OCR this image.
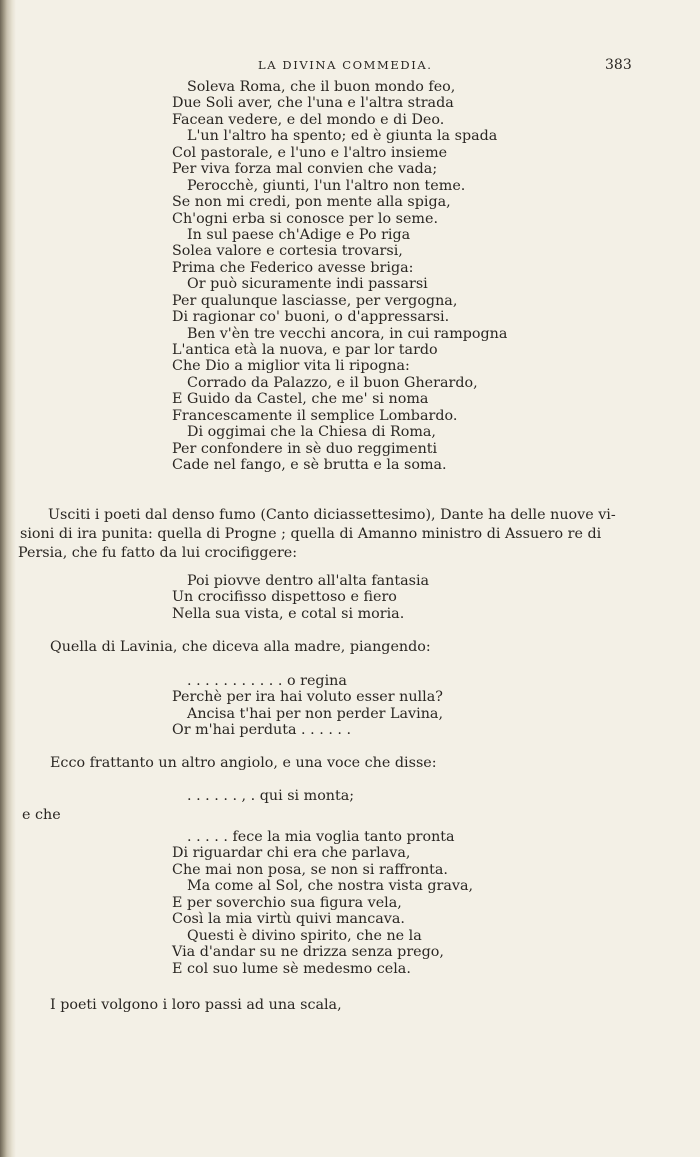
LA DIVINA COMMEDIA.	383
Soleva Roma, che il buon mondo feo,
Due Soli aver, che l'una e l'altra strada
Facean vedere, e del mondo e di Deo.
L'un l'altro ha spento; ed è giunta la spada
Col pastorale, e l'uno e l'altro insieme
Per viva forza mal convien che vada;
Perocchè, giunti, l'un l'altro non teme.
Se non mi credi, pon mente alla spiga,
Ch'ogni erba si conosce per lo seme.
In sul paese ch'Adige e Po riga
Solea valore e cortesia trovarsi,
Prima che Federico avesse briga:
Or può sicuramente indi passarsi
Per qualunque lasciasse, per vergogna,
Di ragionar co' buoni, o d'appressarsi.
Ben v'èn tre vecchi ancora, in cui rampogna
L'antica età la nuova, e par lor tardo
Che Dio a miglior vita li ripogna:
Corrado da Palazzo, e il buon Gherardo,
E Guido da Castel, che me' si noma
Francescamente il semplice Lombardo.
Di oggimai che la Chiesa di Roma,
Per confondere in sè duo reggimenti
Cade nel fango, e sè brutta e la soma.
Usciti i poeti dal denso fumo (Canto diciassettesimo), Dante ha delle nuove vi-
sioni di ira punita: quella di Progne ; quella di Amanno ministro di Assuero re di
Persia, che fu fatto da lui crocifiggere:
Poi piovve dentro all'alta fantasia
Un crocifisso dispettoso e fiero
Nella sua vista, e cotal si moria.
Quella di Lavinia, che diceva alla madre, piangendo:
. . . . . . . . . . . o regina
Perchè per ira hai voluto esser nulla?
Ancisa t'hai per non perder Lavina,
Or m'hai perduta . . . . . .
Ecco frattanto un altro angiolo, e una voce che disse:
. . . . . . , . qui si monta;
e che
. . . . . fece la mia voglia tanto pronta
Di riguardar chi era che parlava,
Che mai non posa, se non si raffronta.
Ma come al Sol, che nostra vista grava,
E per soverchio sua figura vela,
Così la mia virtù quivi mancava.
Questi è divino spirito, che ne la
Via d'andar su ne drizza senza prego,
E col suo lume sè medesmo cela.
I poeti volgono i loro passi ad una scala,
